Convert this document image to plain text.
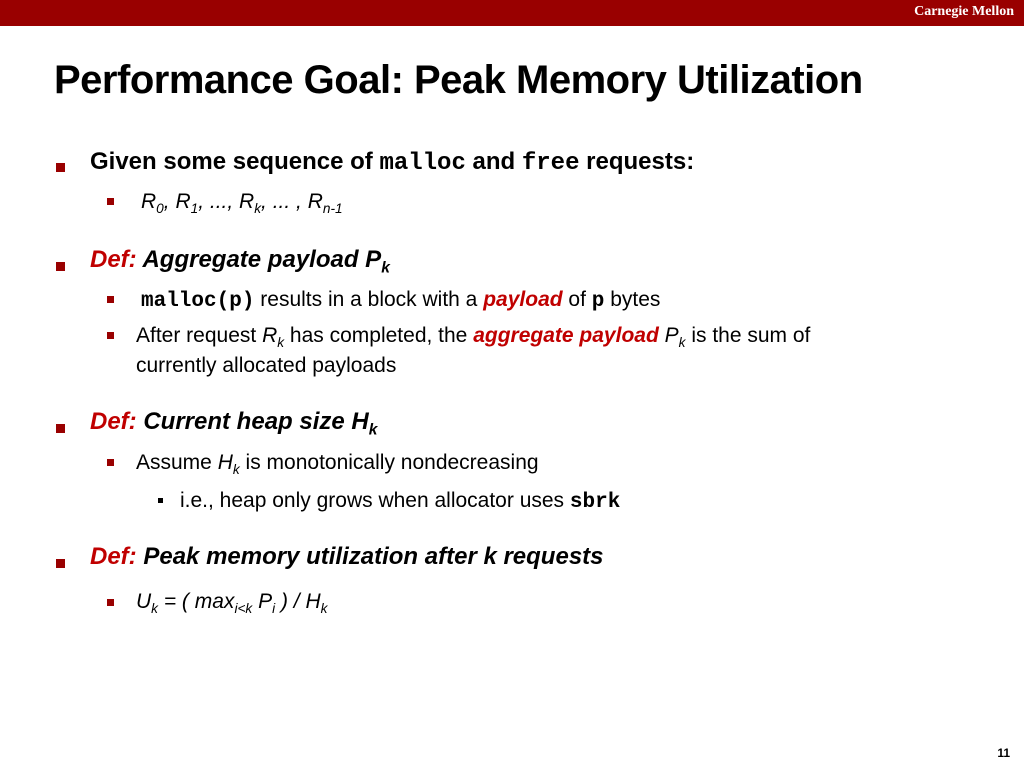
Carnegie Mellon
Performance Goal: Peak Memory Utilization
Given some sequence of malloc and free requests:
$R_0$, $R_1$, ..., $R_k$, ... , $R_{n-1}$
Def: Aggregate payload $P_k$
malloc(p) results in a block with a payload of p bytes
After request $R_k$ has completed, the aggregate payload $P_k$ is the sum of
currently allocated payloads
Def: Current heap size $H_k$
Assume $H_k$ is monotonically nondecreasing
i.e., heap only grows when allocator uses sbrk
Def: Peak memory utilization after k requests
$U_k$ = ( $\max_{i<k} P_i$ ) / $H_k$
11
